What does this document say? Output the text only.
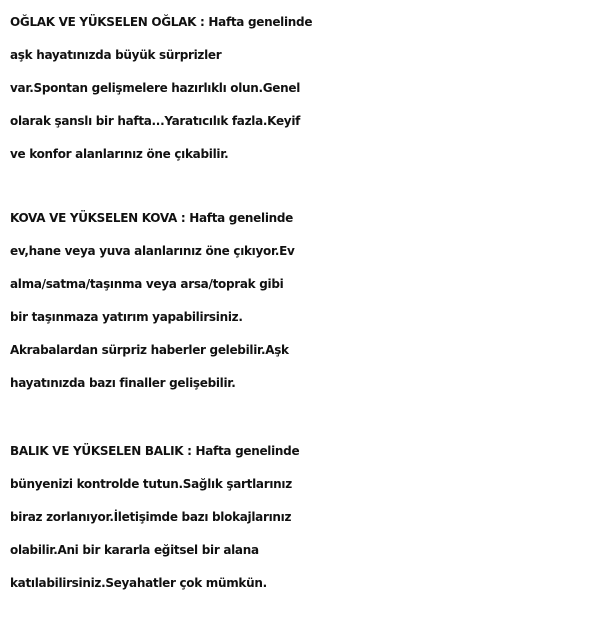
OĞLAK VE YÜKSELEN OĞLAK : Hafta genelinde
aşk hayatınızda büyük sürprizler
var.Spontan gelişmelere hazırlıklı olun.Genel
olarak şanslı bir hafta...Yaratıcılık fazla.Keyif
ve konfor alanlarınız öne çıkabilir.
KOVA VE YÜKSELEN KOVA : Hafta genelinde
ev,hane veya yuva alanlarınız öne çıkıyor.Ev
alma/satma/taşınma veya arsa/toprak gibi
bir taşınmaza yatırım yapabilirsiniz.
Akrabalardan sürpriz haberler gelebilir.Aşk
hayatınızda bazı finaller gelişebilir.
BALIK VE YÜKSELEN BALIK : Hafta genelinde
bünyenizi kontrolde tutun.Sağlık şartlarınız
biraz zorlanıyor.İletişimde bazı blokajlarınız
olabilir.Ani bir kararla eğitsel bir alana
katılabilirsiniz.Seyahatler çok mümkün.
